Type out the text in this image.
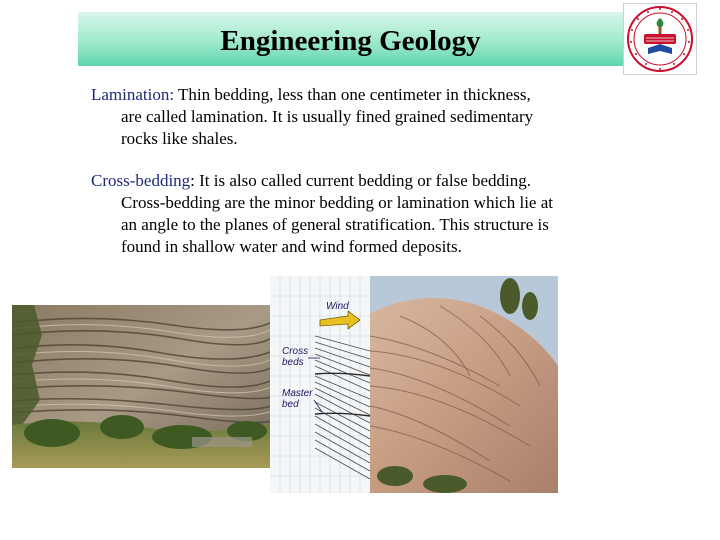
Engineering Geology
Lamination: Thin bedding, less than one centimeter in thickness,
are called lamination. It is usually fined grained sedimentary
rocks like shales.
Cross-bedding: It is also called current bedding or false bedding.
Cross-bedding are the minor bedding or lamination which lie at
an angle to the planes of general stratification. This structure is
found in shallow water and wind formed deposits.
Wind
Cross
beds
Master
bed
